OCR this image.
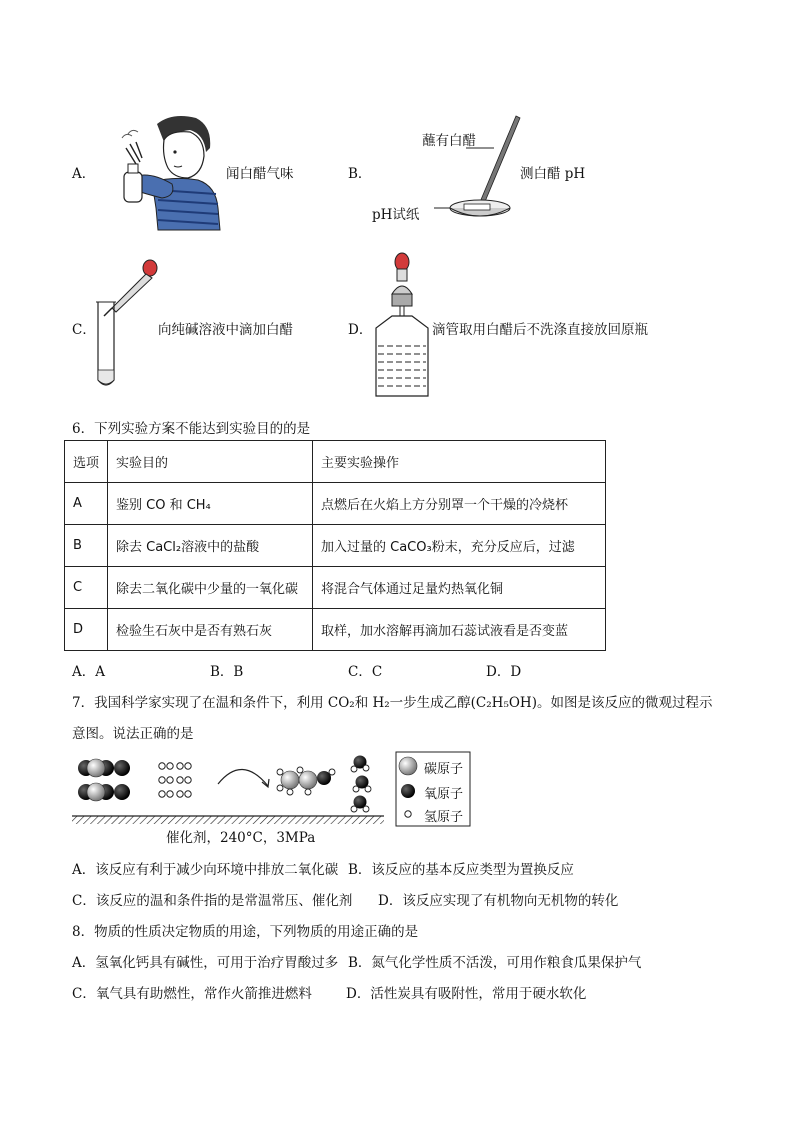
A．	闻白醋气味	B．
蘸有白醋
pH试纸
测白醋 pH
C．	向纯碱溶液中滴加白醋	D．	滴管取用白醋后不洗涤直接放回原瓶
6．下列实验方案不能达到实验目的的是
选项	实验目的	主要实验操作
A	鉴别 CO 和 CH₄	点燃后在火焰上方分别罩一个干燥的冷烧杯
B	除去 CaCl₂溶液中的盐酸	加入过量的 CaCO₃粉末，充分反应后，过滤
C	除去二氧化碳中少量的一氧化碳	将混合气体通过足量灼热氧化铜
D	检验生石灰中是否有熟石灰	取样，加水溶解再滴加石蕊试液看是否变蓝
A．A	B．B	C．C	D．D
7．我国科学家实现了在温和条件下，利用 CO₂和 H₂一步生成乙醇(C₂H₅OH)。如图是该反应的微观过程示
意图。说法正确的是
碳原子
氧原子
氢原子
催化剂，240°C，3MPa
A．该反应有利于减少向环境中排放二氧化碳 B．该反应的基本反应类型为置换反应
C．该反应的温和条件指的是常温常压、催化剂 D．该反应实现了有机物向无机物的转化
8．物质的性质决定物质的用途，下列物质的用途正确的是
A．氢氧化钙具有碱性，可用于治疗胃酸过多 B．氮气化学性质不活泼，可用作粮食瓜果保护气
C．氧气具有助燃性，常作火箭推进燃料	D．活性炭具有吸附性，常用于硬水软化
